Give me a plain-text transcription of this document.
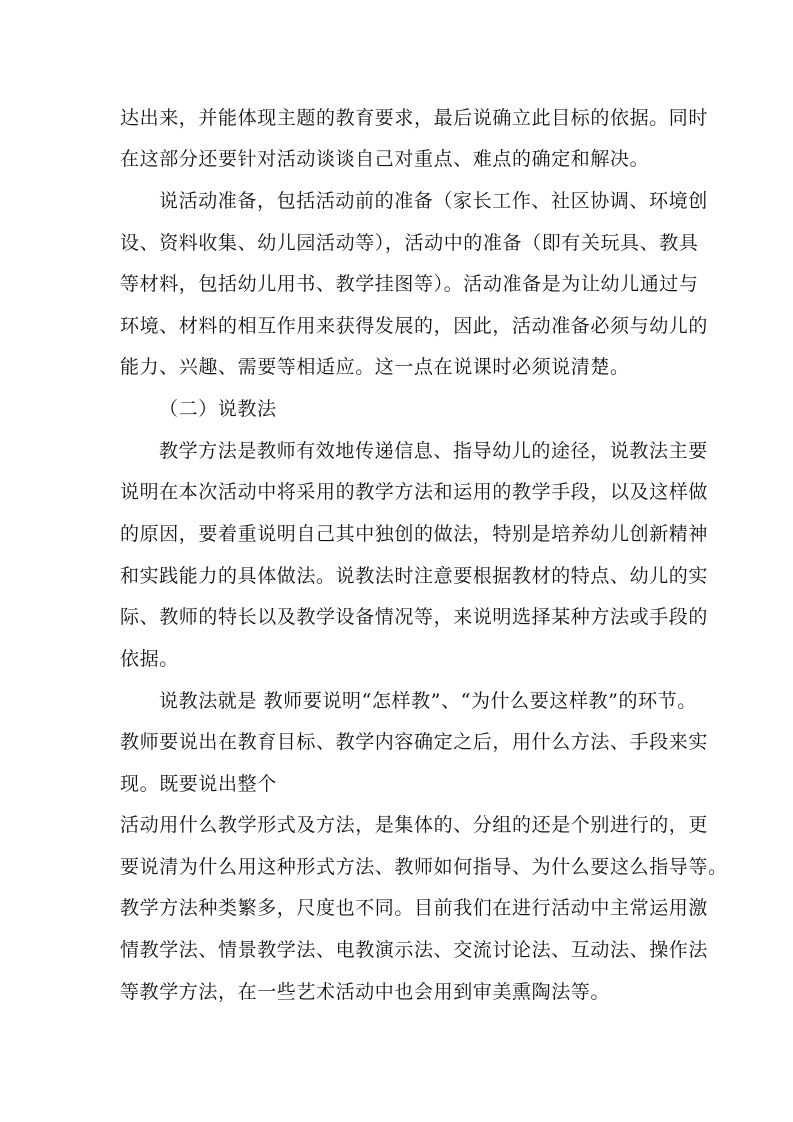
达出来，并能体现主题的教育要求，最后说确立此目标的依据。同时
在这部分还要针对活动谈谈自己对重点、难点的确定和解决。
说活动准备，包括活动前的准备（家长工作、社区协调、环境创
设、资料收集、幼儿园活动等），活动中的准备（即有关玩具、教具
等材料，包括幼儿用书、教学挂图等）。活动准备是为让幼儿通过与
环境、材料的相互作用来获得发展的，因此，活动准备必须与幼儿的
能力、兴趣、需要等相适应。这一点在说课时必须说清楚。
（二）说教法
教学方法是教师有效地传递信息、指导幼儿的途径，说教法主要
说明在本次活动中将采用的教学方法和运用的教学手段，以及这样做
的原因，要着重说明自己其中独创的做法，特别是培养幼儿创新精神
和实践能力的具体做法。说教法时注意要根据教材的特点、幼儿的实
际、教师的特长以及教学设备情况等，来说明选择某种方法或手段的
依据。
说教法就是 教师要说明“怎样教”、“为什么要这样教”的环节。
教师要说出在教育目标、教学内容确定之后，用什么方法、手段来实
现。既要说出整个
活动用什么教学形式及方法，是集体的、分组的还是个别进行的，更
要说清为什么用这种形式方法、教师如何指导、为什么要这么指导等。
教学方法种类繁多，尺度也不同。目前我们在进行活动中主常运用激
情教学法、情景教学法、电教演示法、交流讨论法、互动法、操作法
等教学方法，在一些艺术活动中也会用到审美熏陶法等。
